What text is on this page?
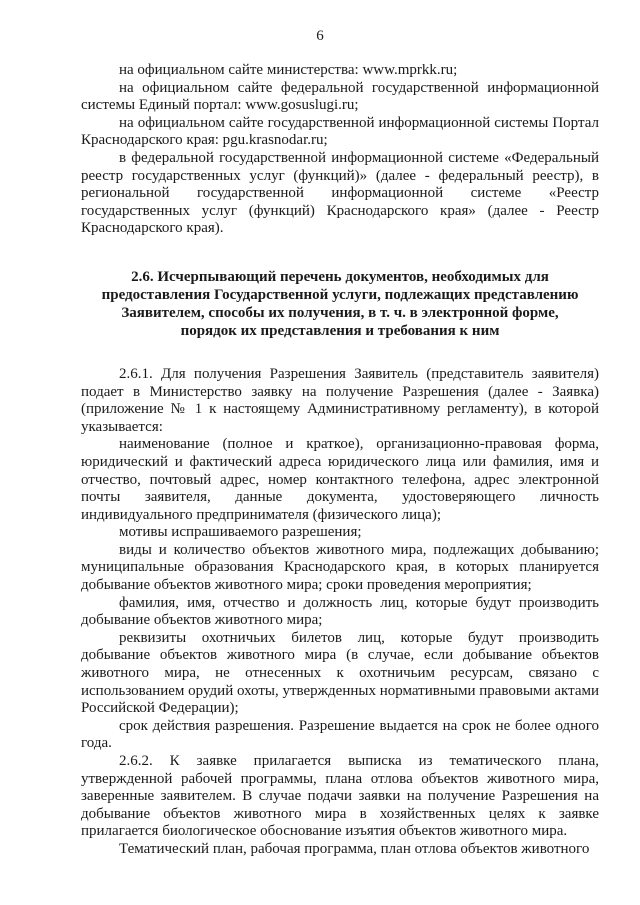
6

на официальном сайте министерства: www.mprkk.ru;

на официальном сайте федеральной государственной информационной системы Единый портал: www.gosuslugi.ru;

на официальном сайте государственной информационной системы Портал Краснодарского края: pgu.krasnodar.ru;

в федеральной государственной информационной системе «Федеральный реестр государственных услуг (функций)» (далее - федеральный реестр), в региональной государственной информационной системе «Реестр государственных услуг (функций) Краснодарского края» (далее - Реестр Краснодарского края).

2.6. Исчерпывающий перечень документов, необходимых для предоставления Государственной услуги, подлежащих представлению Заявителем, способы их получения, в т. ч. в электронной форме, порядок их представления и требования к ним

2.6.1. Для получения Разрешения Заявитель (представитель заявителя) подает в Министерство заявку на получение Разрешения (далее - Заявка) (приложение № 1 к настоящему Административному регламенту), в которой указывается:

наименование (полное и краткое), организационно-правовая форма, юридический и фактический адреса юридического лица или фамилия, имя и отчество, почтовый адрес, номер контактного телефона, адрес электронной почты заявителя, данные документа, удостоверяющего личность индивидуального предпринимателя (физического лица);

мотивы испрашиваемого разрешения;

виды и количество объектов животного мира, подлежащих добыванию; муниципальные образования Краснодарского края, в которых планируется добывание объектов животного мира; сроки проведения мероприятия;

фамилия, имя, отчество и должность лиц, которые будут производить добывание объектов животного мира;

реквизиты охотничьих билетов лиц, которые будут производить добывание объектов животного мира (в случае, если добывание объектов животного мира, не отнесенных к охотничьим ресурсам, связано с использованием орудий охоты, утвержденных нормативными правовыми актами Российской Федерации);

срок действия разрешения. Разрешение выдается на срок не более одного года.

2.6.2. К заявке прилагается выписка из тематического плана, утвержденной рабочей программы, плана отлова объектов животного мира, заверенные заявителем. В случае подачи заявки на получение Разрешения на добывание объектов животного мира в хозяйственных целях к заявке прилагается биологическое обоснование изъятия объектов животного мира.

Тематический план, рабочая программа, план отлова объектов животного
